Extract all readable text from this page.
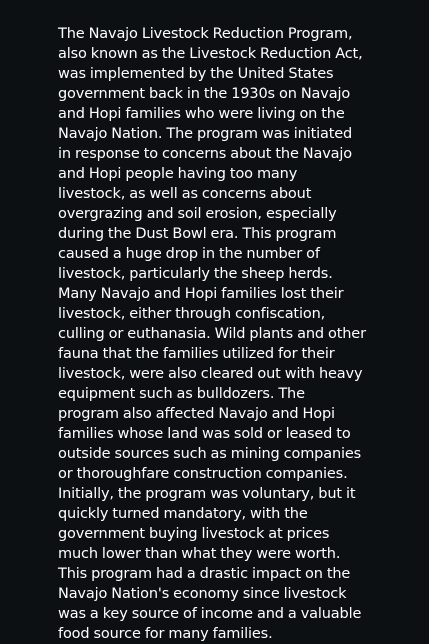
The Navajo Livestock Reduction Program, also known as the Livestock Reduction Act, was implemented by the United States government back in the 1930s on Navajo and Hopi families who were living on the Navajo Nation. The program was initiated in response to concerns about the Navajo and Hopi people having too many livestock, as well as concerns about overgrazing and soil erosion, especially during the Dust Bowl era. This program caused a huge drop in the number of livestock, particularly the sheep herds. Many Navajo and Hopi families lost their livestock, either through confiscation, culling or euthanasia. Wild plants and other fauna that the families utilized for their livestock, were also cleared out with heavy equipment such as bulldozers. The program also affected Navajo and Hopi families whose land was sold or leased to outside sources such as mining companies or thoroughfare construction companies. Initially, the program was voluntary, but it quickly turned mandatory, with the government buying livestock at prices much lower than what they were worth. This program had a drastic impact on the Navajo Nation's economy since livestock was a key source of income and a valuable food source for many families.
